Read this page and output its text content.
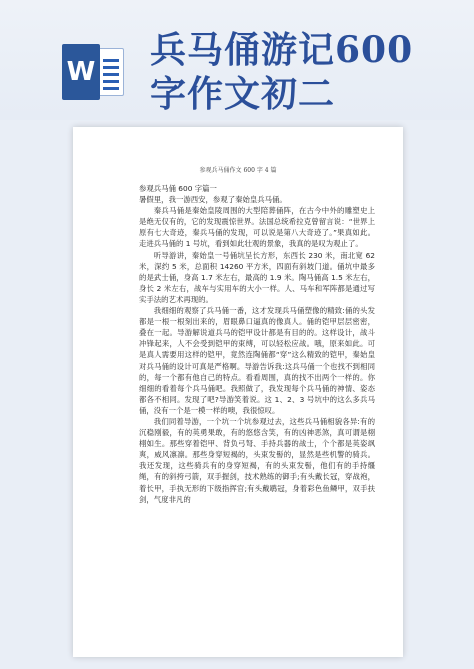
W
兵马俑游记600
字作文初二
参观兵马俑作文 600 字 4 篇

参观兵马俑 600 字篇一

暑假里，我一游西安，参观了秦始皇兵马俑。

秦兵马俑是秦始皇陵周围的大型陪葬俑阵，在古今中外的雕塑史上是绝无仅有的，它的发现震惊世界。法国总统希拉克曾留言说：“世界上原有七大奇迹，秦兵马俑的发现，可以说是第八大奇迹了。”果真如此。走进兵马俑的 1 号坑，看到如此壮观的景象，我真的是叹为观止了。

听导游讲，秦始皇一号俑坑呈长方形，东西长 230 米，南北宽 62 米，深约 5 米，总面积 14260 平方米，四面有斜坡门道。俑坑中最多的是武士俑，身高 1.7 米左右，最高的 1.9 米。陶马俑高 1.5 米左右，身长 2 米左右，战车与实用车的大小一样。人、马车和军阵都是通过写实手法的艺术再现的。

我细细的观察了兵马俑一番，这才发现兵马俑塑像的精致:俑的头发都是一根一根刻出来的，眉眼鼻口逼真的像真人。俑的铠甲层层密密，叠在一起。导游解说道兵马的铠甲设计都是有目的的。这样设计，战斗冲锋起来，人不会受到铠甲的束缚，可以轻松应战。哦，原来如此。可是真人需要用这样的铠甲，竟然连陶俑都“穿”这么精致的铠甲，秦始皇对兵马俑的设计可真是严格啊。导游告诉我:这兵马俑一个也找不到相同的，每一个都有他自己的特点。看看周围，真的找不出两个一样的。你细细的看着每个兵马俑吧。我照做了，我发现每个兵马俑的神情、姿态都各不相同。发现了吧?导游笑着说。这 1、2、3 号坑中的这么多兵马俑，没有一个是一模一样的噢，我很惊叹。

我们同着导游，一个坑一个坑参观过去，这些兵马俑相貌各异:有的沉稳刚毅，有的英勇果敢，有的悠悠含笑，有的凶神恶煞，真可谓是栩栩如生。那些穿着铠甲、背负弓弩、手持兵器的战士，个个都是英姿飒爽，威风凛凛。那些身穿短褐的，头束发髻的，显然是些机警的骑兵。我还发现，这些骑兵有的身穿短褐，有的头束发髻，他们有的手持缰绳，有的斜挎弓箭，双手握剑，技术熟练的御手;有头戴长冠，穿战袍，着长甲，手执无形的下级指挥官;有头戴鹖冠，身着彩色鱼鳞甲，双手扶剑，气度非凡的
